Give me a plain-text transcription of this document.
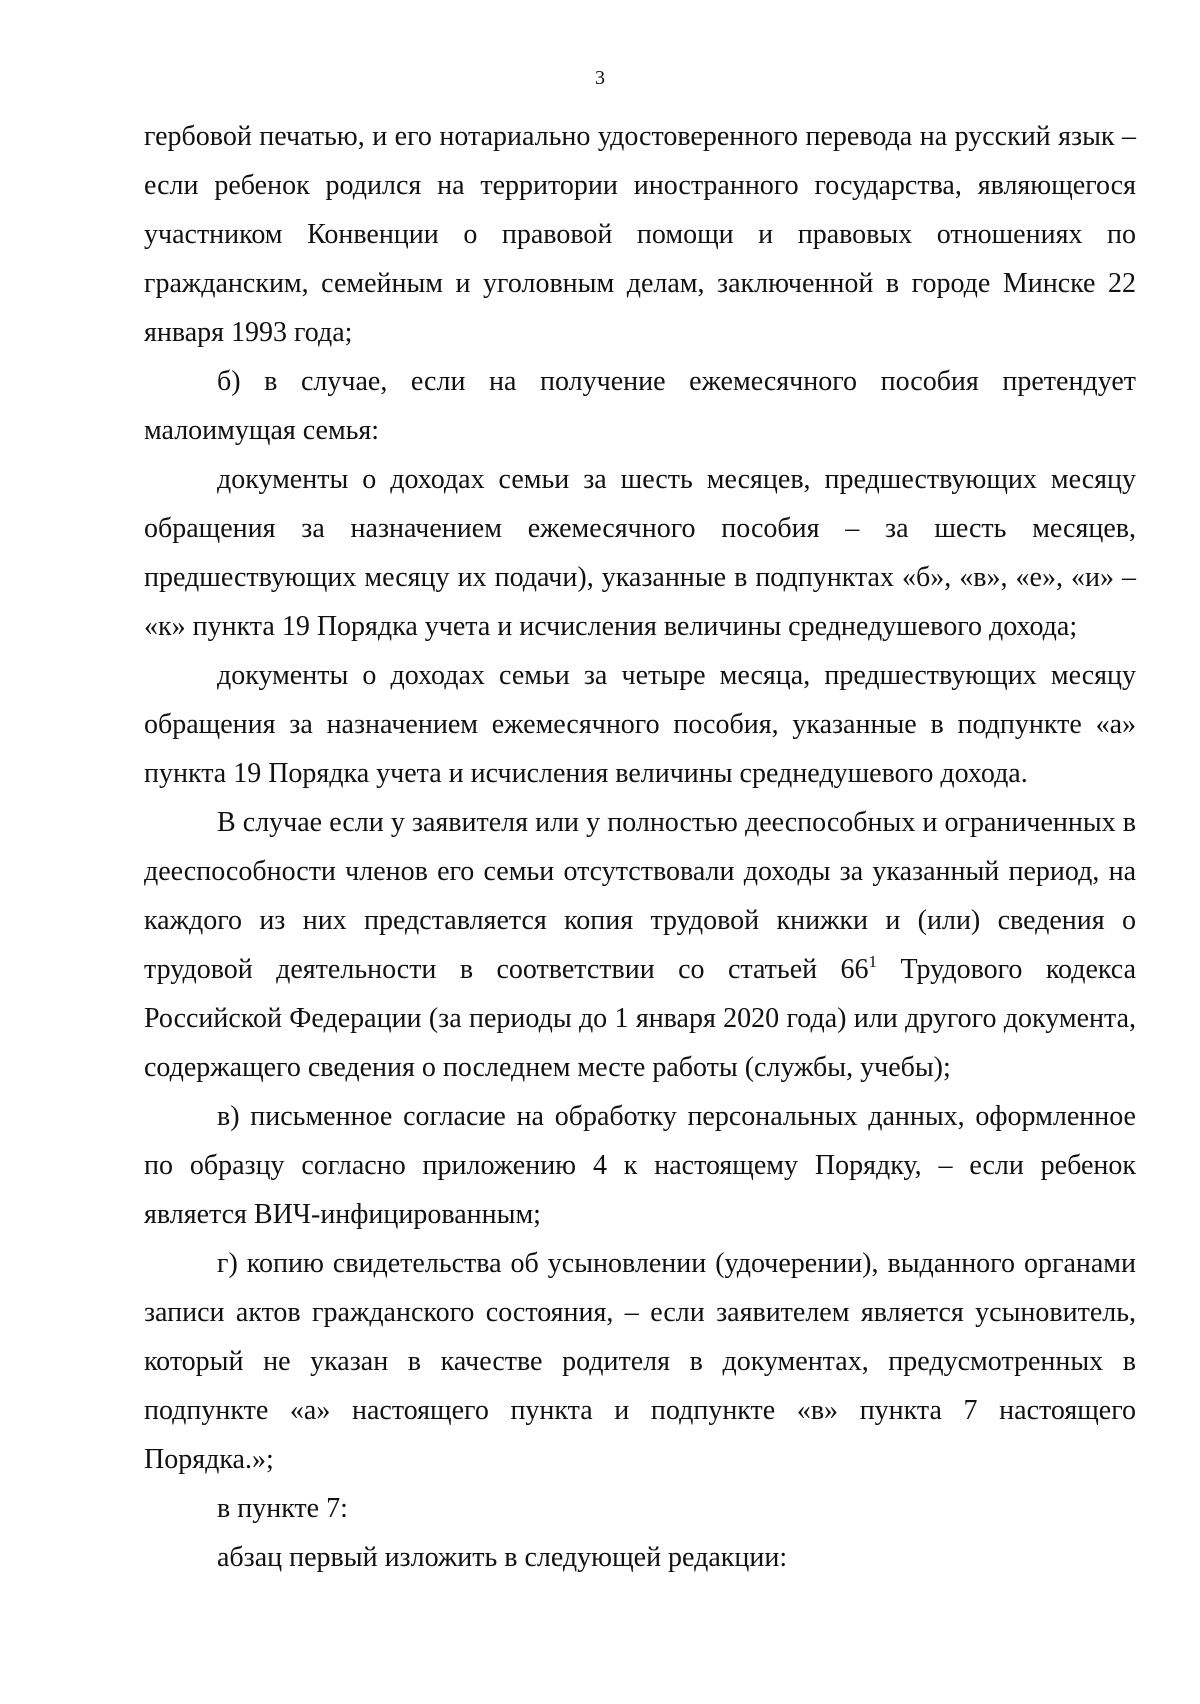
3

гербовой печатью, и его нотариально удостоверенного перевода на русский язык – если ребенок родился на территории иностранного государства, являющегося участником Конвенции о правовой помощи и правовых отношениях по гражданским, семейным и уголовным делам, заключенной в городе Минске 22 января 1993 года;

б) в случае, если на получение ежемесячного пособия претендует малоимущая семья:

документы о доходах семьи за шесть месяцев, предшествующих месяцу обращения за назначением ежемесячного пособия – за шесть месяцев, предшествующих месяцу их подачи), указанные в подпунктах «б», «в», «е», «и» – «к» пункта 19 Порядка учета и исчисления величины среднедушевого дохода;

документы о доходах семьи за четыре месяца, предшествующих месяцу обращения за назначением ежемесячного пособия, указанные в подпункте «а» пункта 19 Порядка учета и исчисления величины среднедушевого дохода.

В случае если у заявителя или у полностью дееспособных и ограниченных в дееспособности членов его семьи отсутствовали доходы за указанный период, на каждого из них представляется копия трудовой книжки и (или) сведения о трудовой деятельности в соответствии со статьей $66^1$ Трудового кодекса Российской Федерации (за периоды до 1 января 2020 года) или другого документа, содержащего сведения о последнем месте работы (службы, учебы);

в) письменное согласие на обработку персональных данных, оформленное по образцу согласно приложению 4 к настоящему Порядку, – если ребенок является ВИЧ-инфицированным;

г) копию свидетельства об усыновлении (удочерении), выданного органами записи актов гражданского состояния, – если заявителем является усыновитель, который не указан в качестве родителя в документах, предусмотренных в подпункте «а» настоящего пункта и подпункте «в» пункта 7 настоящего Порядка.»;

в пункте 7:

абзац первый изложить в следующей редакции:
